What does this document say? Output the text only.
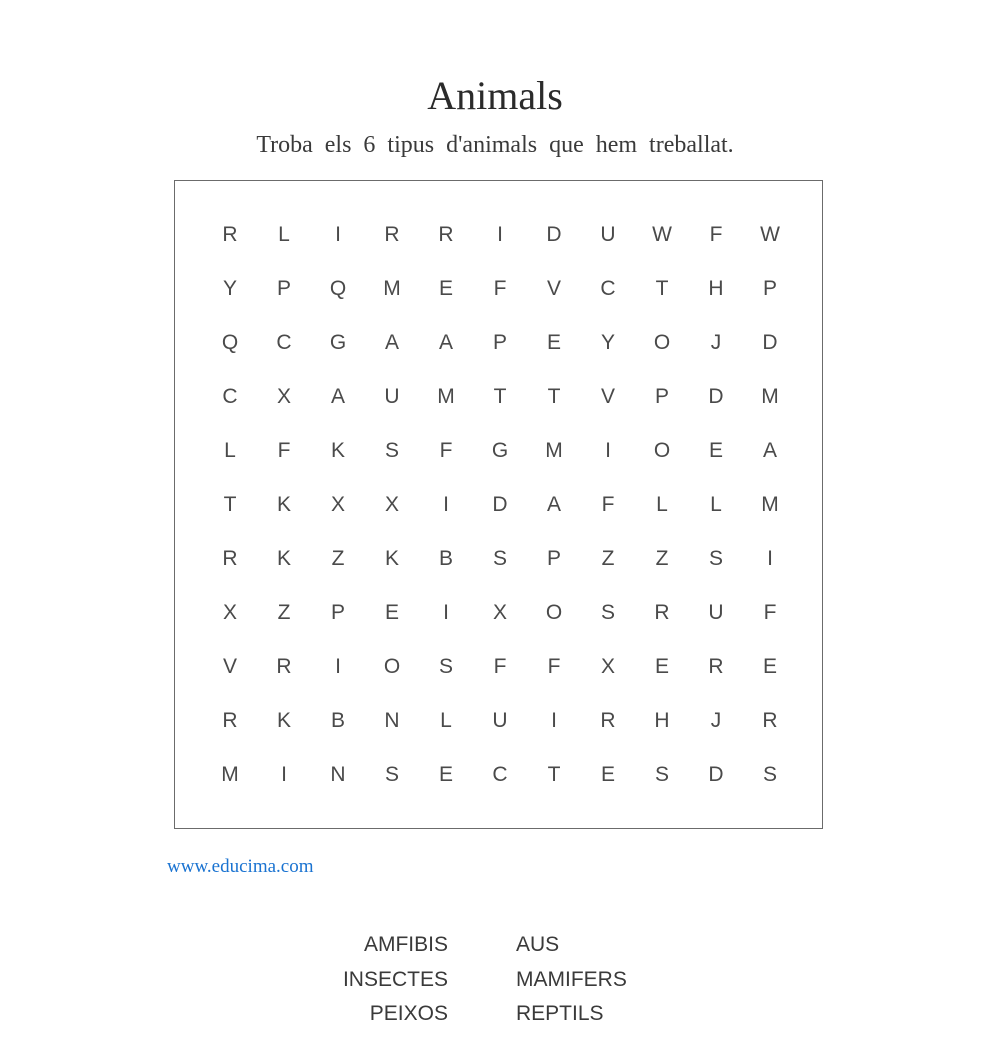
Animals
Troba els 6 tipus d'animals que hem treballat.
R	L	I	R	R	I	D	U	W	F	W
Y	P	Q	M	E	F	V	C	T	H	P
Q	C	G	A	A	P	E	Y	O	J	D
C	X	A	U	M	T	T	V	P	D	M
L	F	K	S	F	G	M	I	O	E	A
T	K	X	X	I	D	A	F	L	L	M
R	K	Z	K	B	S	P	Z	Z	S	I
X	Z	P	E	I	X	O	S	R	U	F
V	R	I	O	S	F	F	X	E	R	E
R	K	B	N	L	U	I	R	H	J	R
M	I	N	S	E	C	T	E	S	D	S
www.educima.com
AMFIBIS
INSECTES
PEIXOS
AUS
MAMIFERS
REPTILS
